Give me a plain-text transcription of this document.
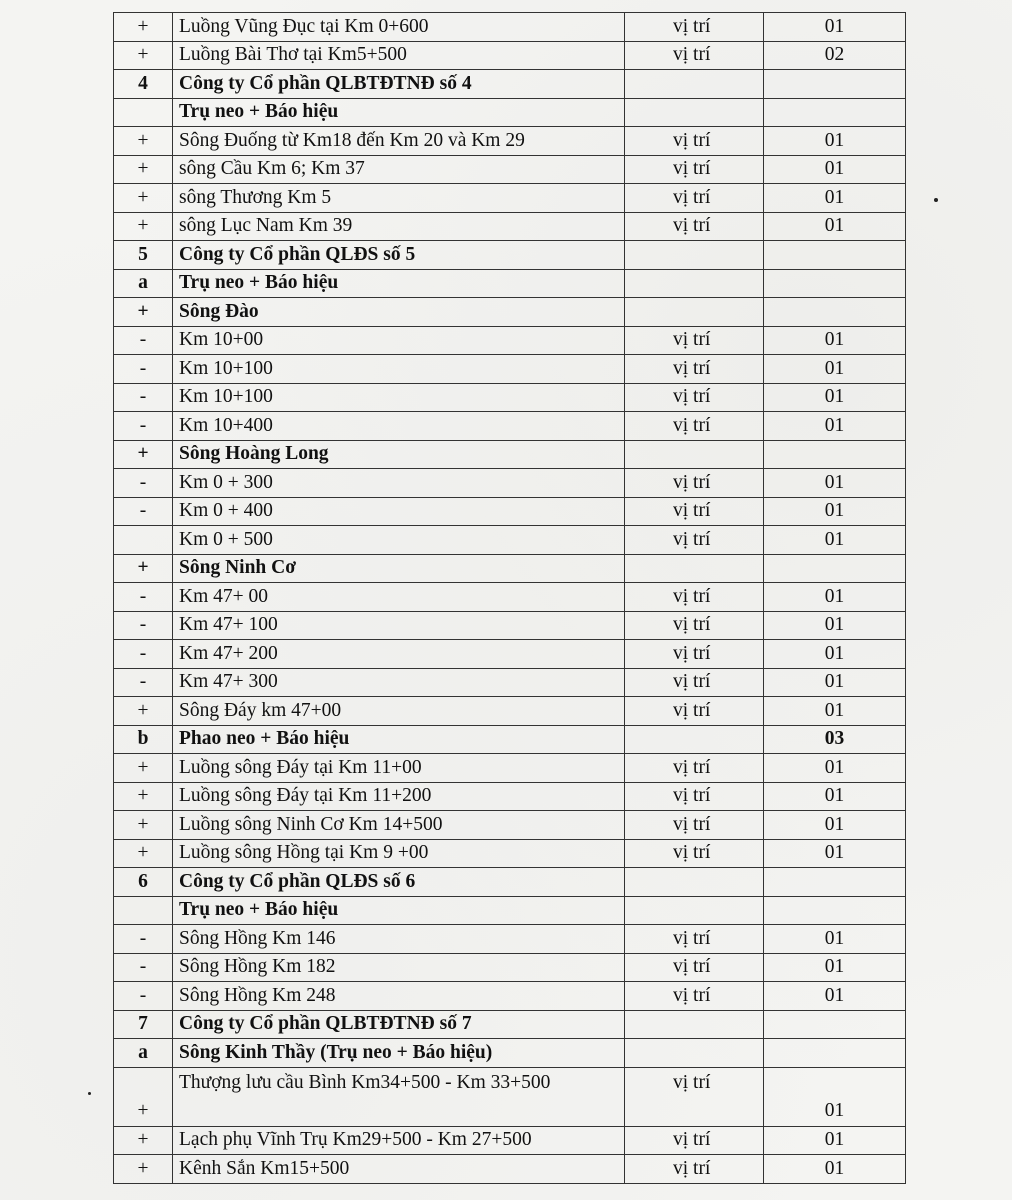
+	Luồng Vũng Đục tại Km 0+600	vị trí	01
+	Luồng Bài Thơ tại Km5+500	vị trí	02
4	Công ty Cổ phần QLBTĐTNĐ số 4		
	Trụ neo + Báo hiệu		
+	Sông Đuống từ Km18 đến Km 20 và Km 29	vị trí	01
+	sông Cầu Km 6; Km 37	vị trí	01
+	sông Thương Km 5	vị trí	01
+	sông Lục Nam Km 39	vị trí	01
5	Công ty Cổ phần QLĐS số 5		
a	Trụ neo + Báo hiệu		
+	Sông Đào		
-	Km 10+00	vị trí	01
-	Km 10+100	vị trí	01
-	Km 10+100	vị trí	01
-	Km 10+400	vị trí	01
+	Sông Hoàng Long		
-	Km 0 + 300	vị trí	01
-	Km 0 + 400	vị trí	01
	Km 0 + 500	vị trí	01
+	Sông Ninh Cơ		
-	Km 47+ 00	vị trí	01
-	Km 47+ 100	vị trí	01
-	Km 47+ 200	vị trí	01
-	Km 47+ 300	vị trí	01
+	Sông Đáy km 47+00	vị trí	01
b	Phao neo + Báo hiệu		03
+	Luồng sông Đáy tại Km 11+00	vị trí	01
+	Luồng sông Đáy tại Km 11+200	vị trí	01
+	Luồng sông Ninh Cơ Km 14+500	vị trí	01
+	Luồng sông Hồng tại Km 9 +00	vị trí	01
6	Công ty Cổ phần QLĐS số 6		
	Trụ neo + Báo hiệu		
-	Sông Hồng Km 146	vị trí	01
-	Sông Hồng Km 182	vị trí	01
-	Sông Hồng Km 248	vị trí	01
7	Công ty Cổ phần QLBTĐTNĐ số 7		
a	Sông Kinh Thầy (Trụ neo + Báo hiệu)		
+	Thượng lưu cầu Bình Km34+500 - Km 33+500	vị trí	01
+	Lạch phụ Vĩnh Trụ Km29+500 - Km 27+500	vị trí	01
+	Kênh Sắn Km15+500	vị trí	01
